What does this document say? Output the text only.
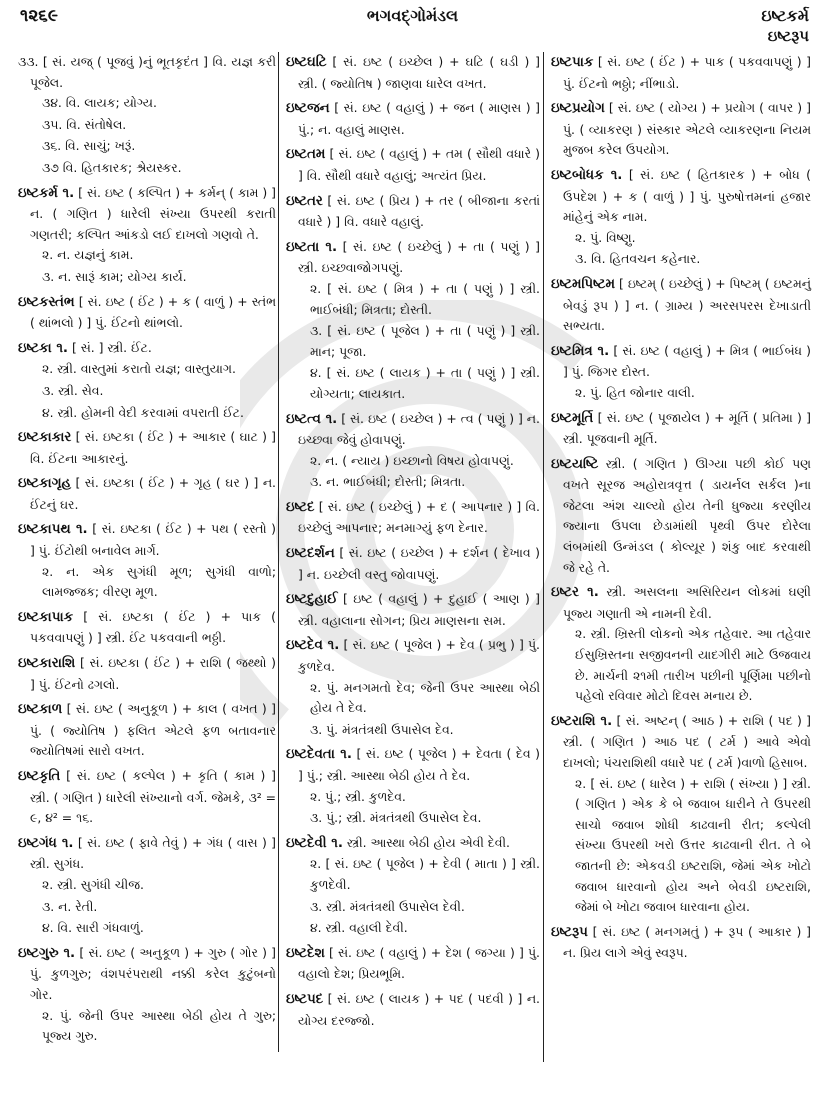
૧૨૬૯	ભગવદ્ગોમંડલ	ઇષ્ટકર્મ
ઇષ્ટરૂપ
૩૩. [ સં. યજ્ ( પૂજવું )નું ભૂતકૃદંત ] વિ. યજ્ઞ કરી પૂજેલ.
૩૪. વિ. લાયક; યોગ્ય.
૩૫. વિ. સંતોષેલ.
૩૬. વિ. સાચું; ખરૂં.
૩૭ વિ. હિતકારક; શ્રેયસ્કર.
ઇષ્ટકર્મ ૧. [ સં. ઇષ્ટ ( કલ્પિત ) + કર્મન્ ( કામ ) ] ન. ( ગણિત ) ધારેલી સંખ્યા ઉપરથી કરાતી ગણતરી; કલ્પિત આંકડો લઈ દાખલો ગણવો તે.
૨. ન. યજ્ઞનું કામ.
૩. ન. સારૂં કામ; યોગ્ય કાર્ય.
ઇષ્ટકસ્તંભ [ સં. ઇષ્ટ ( ઈંટ ) + ક ( વાળું ) + સ્તંભ ( થાંભલો ) ] પું. ઈંટનો થાંભલો.
ઇષ્ટકા ૧. [ સં. ] સ્ત્રી. ઈંટ.
૨. સ્ત્રી. વાસ્તુમાં કરાતો યજ્ઞ; વાસ્તુયાગ.
૩. સ્ત્રી. સેવ.
૪. સ્ત્રી. હોમની વેદી કરવામાં વપરાતી ઈંટ.
ઇષ્ટકાકાર [ સં. ઇષ્ટકા ( ઈંટ ) + આકાર ( ઘાટ ) ] વિ. ઈંટના આકારનું.
ઇષ્ટકાગૃહ [ સં. ઇષ્ટકા ( ઈંટ ) + ગૃહ ( ઘર ) ] ન. ઈંટનું ઘર.
ઇષ્ટકાપથ ૧. [ સં. ઇષ્ટકા ( ઈંટ ) + પથ ( રસ્તો ) ] પું. ઈંટોથી બનાવેલ માર્ગ.
૨. ન. એક સુગંધી મૂળ; સુગંધી વાળો; લામજ્જક; વીરણ મૂળ.
ઇષ્ટકાપાક [ સં. ઇષ્ટકા ( ઈંટ ) + પાક ( પકવવાપણું ) ] સ્ત્રી. ઈંટ પકવવાની ભઠ્ઠી.
ઇષ્ટકારાશિ [ સં. ઇષ્ટકા ( ઈંટ ) + રાશિ ( જથ્થો ) ] પું. ઈંટનો ઢગલો.
ઇષ્ટકાળ [ સં. ઇષ્ટ ( અનુકૂળ ) + કાલ ( વખત ) ] પું. ( જ્યોતિષ ) ફલિત એટલે ફળ બતાવનાર જ્યોતિષમાં સારો વખત.
ઇષ્ટકૃતિ [ સં. ઇષ્ટ ( કલ્પેલ ) + કૃતિ ( કામ ) ] સ્ત્રી. ( ગણિત ) ધારેલી સંખ્યાનો વર્ગ. જેમકે, ૩² = ૯, ૪² = ૧૬.
ઇષ્ટગંધ ૧. [ સં. ઇષ્ટ ( ફાવે તેવું ) + ગંધ ( વાસ ) ] સ્ત્રી. સુગંધ.
૨. સ્ત્રી. સુગંધી ચીજ.
૩. ન. રેતી.
૪. વિ. સારી ગંધવાળું.
ઇષ્ટગુરુ ૧. [ સં. ઇષ્ટ ( અનુકૂળ ) + ગુરુ ( ગોર ) ] પું. કુળગુરુ; વંશપરંપરાથી નક્કી કરેલ કુટુંબનો ગોર.
૨. પું. જેની ઉપર આસ્થા બેઠી હોય તે ગુરુ; પૂજ્ય ગુરુ.
ઇષ્ટઘટિ [ સં. ઇષ્ટ ( ઇચ્છેલ ) + ઘટિ ( ઘડી ) ] સ્ત્રી. ( જ્યોતિષ ) જાણવા ધારેલ વખત.
ઇષ્ટજન [ સં. ઇષ્ટ ( વહાલું ) + જન ( માણસ ) ] પું.; ન. વહાલું માણસ.
ઇષ્ટતમ [ સં. ઇષ્ટ ( વહાલું ) + તમ ( સૌથી વધારે ) ] વિ. સૌથી વધારે વહાલું; અત્યંત પ્રિય.
ઇષ્ટતર [ સં. ઇષ્ટ ( પ્રિય ) + તર ( બીજાના કરતાં વધારે ) ] વિ. વધારે વહાલું.
ઇષ્ટતા ૧. [ સં. ઇષ્ટ ( ઇચ્છેલું ) + તા ( પણું ) ] સ્ત્રી. ઇચ્છવાજોગપણું.
૨. [ સં. ઇષ્ટ ( મિત્ર ) + તા ( પણું ) ] સ્ત્રી. ભાઈબંધી; મિત્રતા; દોસ્તી.
૩. [ સં. ઇષ્ટ ( પૂજેલ ) + તા ( પણું ) ] સ્ત્રી. માન; પૂજા.
૪. [ સં. ઇષ્ટ ( લાયક ) + તા ( પણું ) ] સ્ત્રી. યોગ્યતા; લાયકાત.
ઇષ્ટત્વ ૧. [ સં. ઇષ્ટ ( ઇચ્છેલ ) + ત્વ ( પણું ) ] ન. ઇચ્છવા જેવું હોવાપણું.
૨. ન. ( ન્યાય ) ઇચ્છાનો વિષય હોવાપણું.
૩. ન. ભાઈબંધી; દોસ્તી; મિત્રતા.
ઇષ્ટદ [ સં. ઇષ્ટ ( ઇચ્છેલું ) + દ ( આપનાર ) ] વિ. ઇચ્છેલું આપનાર; મનમાગ્યું ફળ દેનાર.
ઇષ્ટદર્શન [ સં. ઇષ્ટ ( ઇચ્છેલ ) + દર્શન ( દેખાવ ) ] ન. ઇચ્છેલી વસ્તુ જોવાપણું.
ઇષ્ટદુહાઈ [ ઇષ્ટ ( વહાલું ) + દુહાઈ ( આણ ) ] સ્ત્રી. વહાલાના સોગન; પ્રિય માણસના સમ.
ઇષ્ટદેવ ૧. [ સં. ઇષ્ટ ( પૂજેલ ) + દેવ ( પ્રભુ ) ] પું. કુળદેવ.
૨. પું. મનગમતો દેવ; જેની ઉપર આસ્થા બેઠી હોય તે દેવ.
૩. પું. મંત્રતંત્રથી ઉપાસેલ દેવ.
ઇષ્ટદેવતા ૧. [ સં. ઇષ્ટ ( પૂજેલ ) + દેવતા ( દેવ ) ] પું.; સ્ત્રી. આસ્થા બેઠી હોય તે દેવ.
૨. પું.; સ્ત્રી. કુળદેવ.
૩. પું.; સ્ત્રી. મંત્રતંત્રથી ઉપાસેલ દેવ.
ઇષ્ટદેવી ૧. સ્ત્રી. આસ્થા બેઠી હોય એવી દેવી.
૨. [ સં. ઇષ્ટ ( પૂજેલ ) + દેવી ( માતા ) ] સ્ત્રી. કુળદેવી.
૩. સ્ત્રી. મંત્રતંત્રથી ઉપાસેલ દેવી.
૪. સ્ત્રી. વહાલી દેવી.
ઇષ્ટદેશ [ સં. ઇષ્ટ ( વહાલું ) + દેશ ( જગ્યા ) ] પું. વહાલો દેશ; પ્રિયભૂમિ.
ઇષ્ટપદ [ સં. ઇષ્ટ ( લાયક ) + પદ ( પદવી ) ] ન. યોગ્ય દરજ્જો.
ઇષ્ટપાક [ સં. ઇષ્ટ ( ઈંટ ) + પાક ( પકવવાપણું ) ] પું. ઈંટનો ભઠ્ઠો; નીંભાડો.
ઇષ્ટપ્રયોગ [ સં. ઇષ્ટ ( યોગ્ય ) + પ્રયોગ ( વાપર ) ] પું. ( વ્યાકરણ ) સંસ્કાર એટલે વ્યાકરણના નિયમ મુજબ કરેલ ઉપયોગ.
ઇષ્ટબોધક ૧. [ સં. ઇષ્ટ ( હિતકારક ) + બોધ ( ઉપદેશ ) + ક ( વાળું ) ] પું. પુરુષોત્તમનાં હજાર માંહેનું એક નામ.
૨. પું. વિષ્ણુ.
૩. વિ. હિતવચન કહેનાર.
ઇષ્ટમપિષ્ટમ [ ઇષ્ટમ્ ( ઇચ્છેલું ) + પિષ્ટમ્ ( ઇષ્ટમનું બેવડું રૂપ ) ] ન. ( ગ્રામ્ય ) અરસપરસ દેખાડાતી સભ્યતા.
ઇષ્ટમિત્ર ૧. [ સં. ઇષ્ટ ( વહાલું ) + મિત્ર ( ભાઈબંધ ) ] પું. જિગર દોસ્ત.
૨. પું. હિત જોનાર વાલી.
ઇષ્ટમૂર્તિ [ સં. ઇષ્ટ ( પૂજાયેલ ) + મૂર્તિ ( પ્રતિમા ) ] સ્ત્રી. પૂજવાની મૂર્તિ.
ઇષ્ટયષ્ટિ સ્ત્રી. ( ગણિત ) ઊગ્યા પછી કોઈ પણ વખતે સૂરજ અહોરાત્રવૃત્ત ( ડાયર્નલ સર્કલ )ના જેટલા અંશ ચાલ્યો હોય તેની ધુજ્યા કરણીય જ્યાના ઉપલા છેડામાંથી પૃથ્વી ઉપર દોરેલા લંબમાંથી ઉન્મંડલ ( કોલ્યૂર ) શંકુ બાદ કરવાથી જે રહે તે.
ઇષ્ટર ૧. સ્ત્રી. અસલના અસિરિયન લોકમાં ઘણી પૂજ્ય ગણાતી એ નામની દેવી.
૨. સ્ત્રી. ખ્રિસ્તી લોકનો એક તહેવાર. આ તહેવાર ઈસુખ્રિસ્તના સજીવનની યાદગીરી માટે ઉજવાય છે. માર્ચની ૨૧મી તારીખ પછીની પૂર્ણિમા પછીનો પહેલો રવિવાર મોટો દિવસ મનાય છે.
ઇષ્ટરાશિ ૧. [ સં. અષ્ટન્ ( આઠ ) + રાશિ ( પદ ) ] સ્ત્રી. ( ગણિત ) આઠ પદ ( ટર્મ ) આવે એવો દાખલો; પંચરાશિથી વધારે પદ ( ટર્મ )વાળો હિસાબ.
૨. [ સં. ઇષ્ટ ( ધારેલ ) + રાશિ ( સંખ્યા ) ] સ્ત્રી. ( ગણિત ) એક કે બે જવાબ ધારીને તે ઉપરથી સાચો જવાબ શોધી કાઢવાની રીત; કલ્પેલી સંખ્યા ઉપરથી ખરો ઉત્તર કાઢવાની રીત. તે બે જાતની છે: એકવડી ઇષ્ટરાશિ, જેમાં એક ખોટો જવાબ ધારવાનો હોય અને બેવડી ઇષ્ટરાશિ, જેમાં બે ખોટા જવાબ ધારવાના હોય.
ઇષ્ટરૂપ [ સં. ઇષ્ટ ( મનગમતું ) + રૂપ ( આકાર ) ] ન. પ્રિય લાગે એવું સ્વરૂપ.
